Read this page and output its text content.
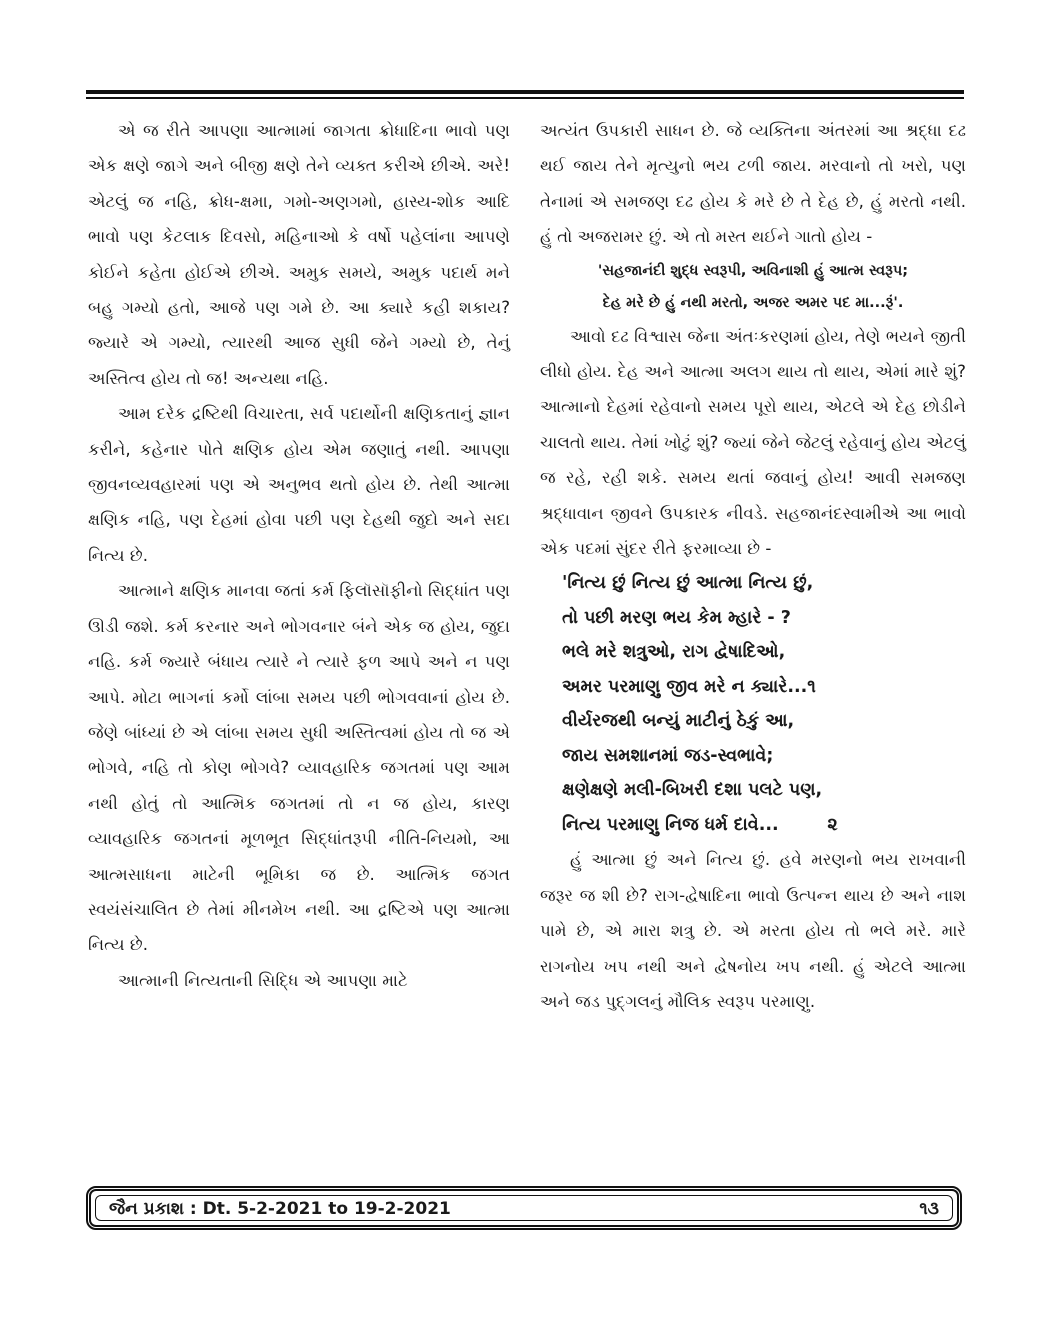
એ જ રીતે આપણા આત્મામાં જાગતા ક્રોધાદિના ભાવો પણ એક ક્ષણે જાગે અને બીજી ક્ષણે તેને વ્યક્ત કરીએ છીએ. અરે! એટલું જ નહિ, ક્રોધ-ક્ષમા, ગમો-અણગમો, હાસ્ય-શોક આદિ ભાવો પણ કેટલાક દિવસો, મહિનાઓ કે વર્ષો પહેલાંના આપણે કોઈને કહેતા હોઈએ છીએ. અમુક સમયે, અમુક પદાર્થ મને બહુ ગમ્યો હતો, આજે પણ ગમે છે. આ ક્યારે કહી શકાય? જ્યારે એ ગમ્યો, ત્યારથી આજ સુધી જેને ગમ્યો છે, તેનું અસ્તિત્વ હોય તો જ! અન્યથા નહિ.

આમ દરેક દ્રષ્ટિથી વિચારતા, સર્વ પદાર્થોની ક્ષણિકતાનું જ્ઞાન કરીને, કહેનાર પોતે ક્ષણિક હોય એમ જણાતું નથી. આપણા જીવનવ્યવહારમાં પણ એ અનુભવ થતો હોય છે. તેથી આત્મા ક્ષણિક નહિ, પણ દેહમાં હોવા પછી પણ દેહથી જુદો અને સદા નિત્ય છે.

આત્માને ક્ષણિક માનવા જતાં કર્મ ફિલૉસૉફીનો સિદ્ધાંત પણ ઊડી જશે. કર્મ કરનાર અને ભોગવનાર બંને એક જ હોય, જુદા નહિ. કર્મ જ્યારે બંધાય ત્યારે ને ત્યારે ફળ આપે અને ન પણ આપે. મોટા ભાગનાં કર્મો લાંબા સમય પછી ભોગવવાનાં હોય છે. જેણે બાંધ્યાં છે એ લાંબા સમય સુધી અસ્તિત્વમાં હોય તો જ એ ભોગવે, નહિ તો કોણ ભોગવે? વ્યાવહારિક જગતમાં પણ આમ નથી હોતું તો આત્મિક જગતમાં તો ન જ હોય, કારણ વ્યાવહારિક જગતનાં મૂળભૂત સિદ્ધાંતરૂપી નીતિ-નિયમો, આ આત્મસાધના માટેની ભૂમિકા જ છે. આત્મિક જગત સ્વયંસંચાલિત છે તેમાં મીનમેખ નથી. આ દ્રષ્ટિએ પણ આત્મા નિત્ય છે.

આત્માની નિત્યતાની સિદ્ધિ એ આપણા માટે

અત્યંત ઉપકારી સાધન છે. જે વ્યક્તિના અંતરમાં આ શ્રદ્ધા દઢ થઈ જાય તેને મૃત્યુનો ભય ટળી જાય. મરવાનો તો ખરો, પણ તેનામાં એ સમજણ દઢ હોય કે મરે છે તે દેહ છે, હું મરતો નથી. હું તો અજરામર છું. એ તો મસ્ત થઈને ગાતો હોય -

'સહજાનંદી શુદ્ધ સ્વરૂપી, અવિનાશી હું આત્મ સ્વરૂપ;
દેહ મરે છે હું નથી મરતો, અજર અમર પદ મા...રૂં'.

આવો દઢ વિશ્વાસ જેના અંતઃકરણમાં હોય, તેણે ભયને જીતી લીધો હોય. દેહ અને આત્મા અલગ થાય તો થાય, એમાં મારે શું? આત્માનો દેહમાં રહેવાનો સમય પૂરો થાય, એટલે એ દેહ છોડીને ચાલતો થાય. તેમાં ખોટું શું? જ્યાં જેને જેટલું રહેવાનું હોય એટલું જ રહે, રહી શકે. સમય થતાં જવાનું હોય! આવી સમજણ શ્રદ્ધાવાન જીવને ઉપકારક નીવડે. સહજાનંદસ્વામીએ આ ભાવો એક પદમાં સુંદર રીતે ફરમાવ્યા છે -

'નિત્ય છું નિત્ય છું આત્મા નિત્ય છું,
તો પછી મરણ ભય કેમ મ્હારે - ?
ભલે મરે શત્રુઓ, રાગ દ્વેષાદિઓ,
અમર પરમાણુ જીવ મરે ન ક્યારે...૧
વીર્યરજથી બન્યું માટીનું ઠેકું આ,
જાય સમશાનમાં જડ-સ્વભાવે;
ક્ષણેક્ષણે મલી-બિખરી દશા પલટે પણ,
નિત્ય પરમાણુ નિજ ધર્મ દાવે...        ૨

હું આત્મા છું અને નિત્ય છું. હવે મરણનો ભય રાખવાની જરૂર જ શી છે? રાગ-દ્વેષાદિના ભાવો ઉત્પન્ન થાય છે અને નાશ પામે છે, એ મારા શત્રુ છે. એ મરતા હોય તો ભલે મરે. મારે રાગનોય ખપ નથી અને દ્વેષનોય ખપ નથી. હું એટલે આત્મા અને જડ પુદ્ગલનું મૌલિક સ્વરૂપ પરમાણુ.

જૈન પ્રકાશ : Dt. 5-2-2021 to 19-2-2021	૧૩
